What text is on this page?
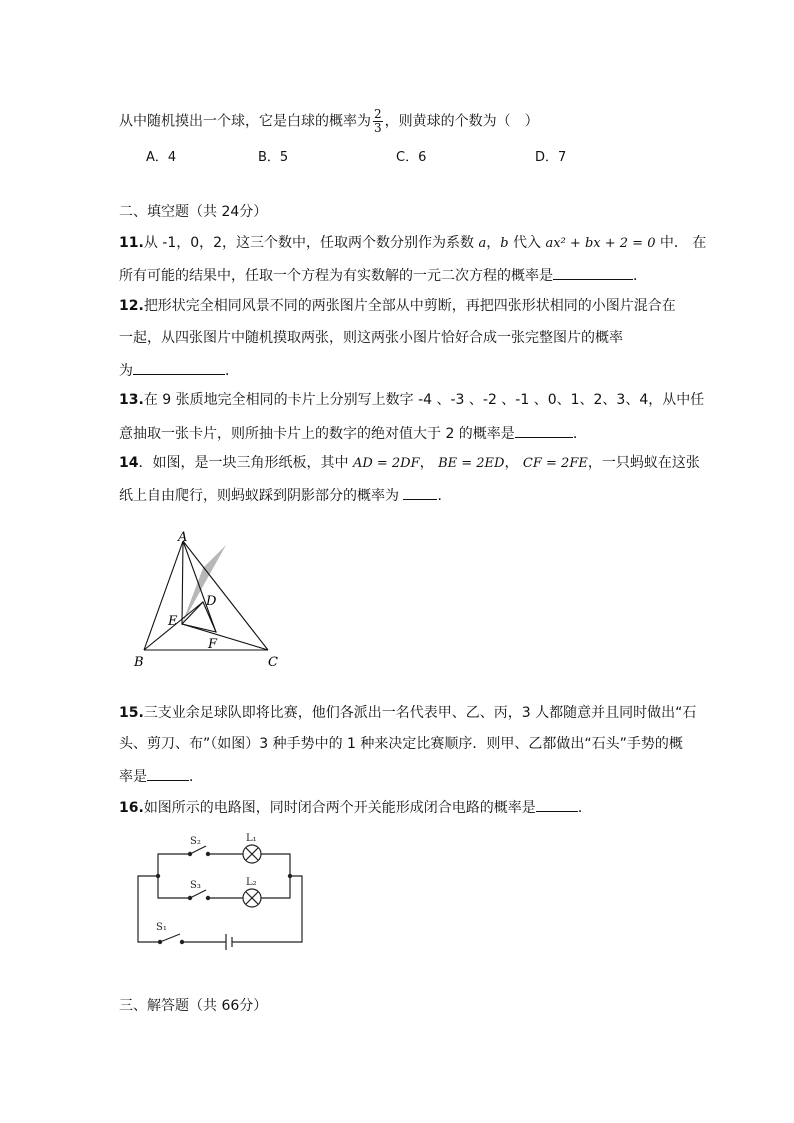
从中随机摸出一个球，它是白球的概率为 $\frac{2}{3}$ ，则黄球的个数为（　）
A．4	B．5	C．6	D．7
二、填空题（共 24分）
11.从 -1，0，2，这三个数中，任取两个数分别作为系数 a，b 代入 ax² + bx + 2 = 0 中． 在
所有可能的结果中，任取一个方程为有实数解的一元二次方程的概率是	．
12.把形状完全相同风景不同的两张图片全部从中剪断，再把四张形状相同的小图片混合在
一起，从四张图片中随机摸取两张，则这两张小图片恰好合成一张完整图片的概率
为	．
13.在 9 张质地完全相同的卡片上分别写上数字 -4 、-3 、-2 、-1 、0、1、2、3、4，从中任
意抽取一张卡片，则所抽卡片上的数字的绝对值大于 2 的概率是	．
14．如图，是一块三角形纸板，其中 AD = 2DF， BE = 2ED， CF = 2FE，一只蚂蚁在这张
纸上自由爬行，则蚂蚁踩到阴影部分的概率为	．
A
B	C
D
E
F
15.三支业余足球队即将比赛，他们各派出一名代表甲、乙、丙，3 人都随意并且同时做出“石
头、剪刀、布”（如图）3 种手势中的 1 种来决定比赛顺序．则甲、乙都做出“石头”手势的概
率是	．
16.如图所示的电路图，同时闭合两个开关能形成闭合电路的概率是	．
S₂	L₁
S₃	L₂
S₁
三、解答题（共 66分）
